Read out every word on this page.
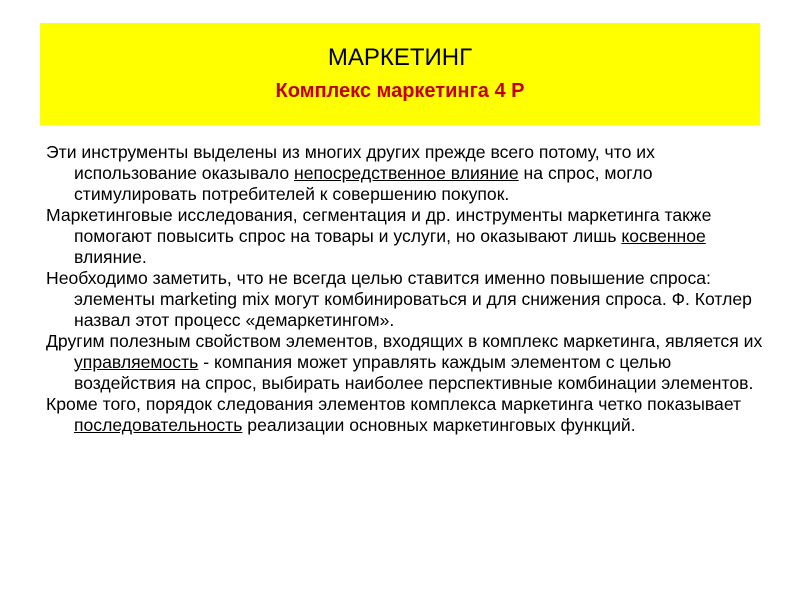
МАРКЕТИНГ
Комплекс маркетинга 4 Р

Эти инструменты выделены из многих других прежде всего потому, что их использование оказывало непосредственное влияние на спрос, могло стимулировать потребителей к совершению покупок.

Маркетинговые исследования, сегментация и др. инструменты маркетинга также помогают повысить спрос на товары и услуги, но оказывают лишь косвенное влияние.

Необходимо заметить, что не всегда целью ставится именно повышение спроса: элементы marketing mix могут комбинироваться и для снижения спроса. Ф. Котлер назвал этот процесс «демаркетингом».

Другим полезным свойством элементов, входящих в комплекс маркетинга, является их управляемость - компания может управлять каждым элементом с целью воздействия на спрос, выбирать наиболее перспективные комбинации элементов.

Кроме того, порядок следования элементов комплекса маркетинга четко показывает последовательность реализации основных маркетинговых функций.
